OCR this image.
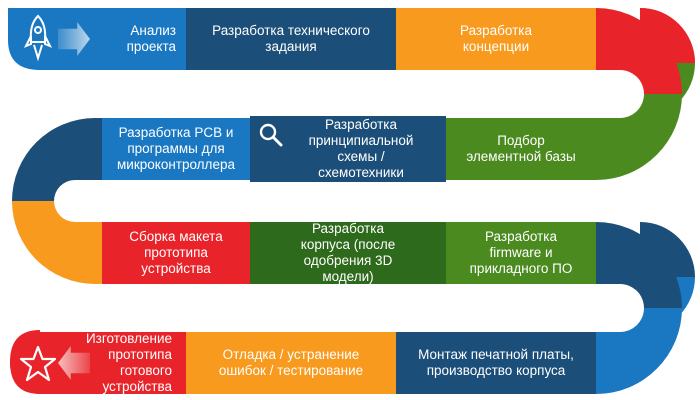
Анализ
проекта
Разработка технического
задания
Разработка
концепции
Подбор
элементной базы
Разработка
принципиальной
схемы /
схемотехники
Разработка PCB и
программы для
микроконтроллера
Сборка макета
прототипа
устройства
Разработка
корпуса (после
одобрения 3D
модели)
Разработка
firmware и
прикладного ПО
Монтаж печатной платы,
производство корпуса
Отладка / устранение
ошибок / тестирование
Изготовление
прототипа
готового
устройства
